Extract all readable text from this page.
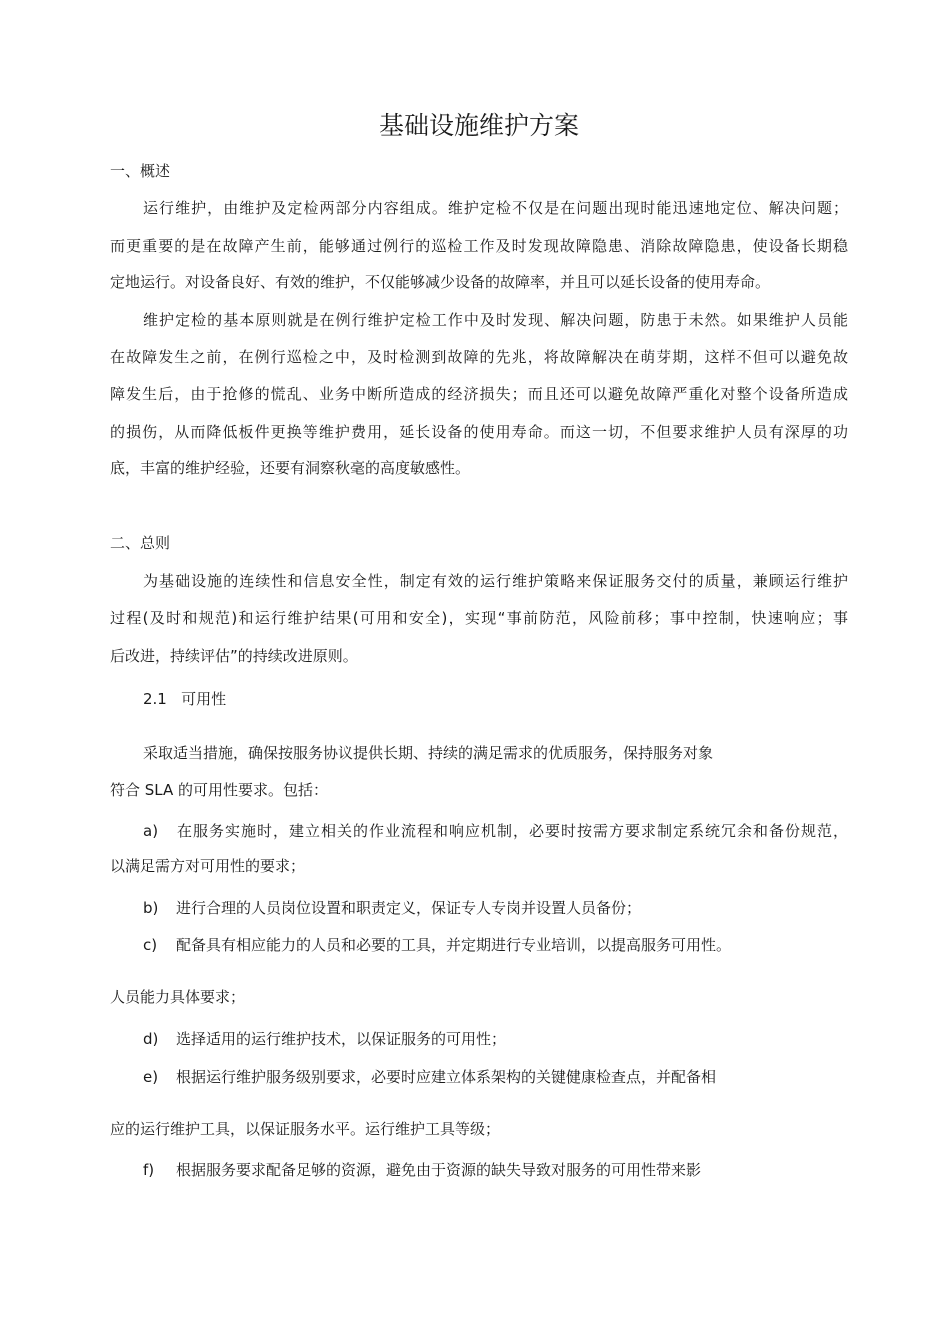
基础设施维护方案
一、概述
运行维护，由维护及定检两部分内容组成。维护定检不仅是在问题出现时能迅速地定位、解决问题；
而更重要的是在故障产生前，能够通过例行的巡检工作及时发现故障隐患、消除故障隐患，使设备长期稳
定地运行。对设备良好、有效的维护，不仅能够减少设备的故障率，并且可以延长设备的使用寿命。
维护定检的基本原则就是在例行维护定检工作中及时发现、解决问题，防患于未然。如果维护人员能
在故障发生之前，在例行巡检之中，及时检测到故障的先兆，将故障解决在萌芽期，这样不但可以避免故
障发生后，由于抢修的慌乱、业务中断所造成的经济损失；而且还可以避免故障严重化对整个设备所造成
的损伤，从而降低板件更换等维护费用，延长设备的使用寿命。而这一切，不但要求维护人员有深厚的功
底，丰富的维护经验，还要有洞察秋毫的高度敏感性。
二、总则
为基础设施的连续性和信息安全性，制定有效的运行维护策略来保证服务交付的质量，兼顾运行维护
过程(及时和规范)和运行维护结果(可用和安全)，实现“事前防范，风险前移；事中控制，快速响应；事
后改进，持续评估”的持续改进原则。
2.1   可用性
采取适当措施，确保按服务协议提供长期、持续的满足需求的优质服务，保持服务对象
符合 SLA 的可用性要求。包括：
a) 在服务实施时，建立相关的作业流程和响应机制，必要时按需方要求制定系统冗余和备份规范，
以满足需方对可用性的要求；
b) 进行合理的人员岗位设置和职责定义，保证专人专岗并设置人员备份；
c) 配备具有相应能力的人员和必要的工具，并定期进行专业培训，以提高服务可用性。
人员能力具体要求；
d) 选择适用的运行维护技术，以保证服务的可用性；
e) 根据运行维护服务级别要求，必要时应建立体系架构的关键健康检查点，并配备相
应的运行维护工具，以保证服务水平。运行维护工具等级；
f) 根据服务要求配备足够的资源，避免由于资源的缺失导致对服务的可用性带来影
